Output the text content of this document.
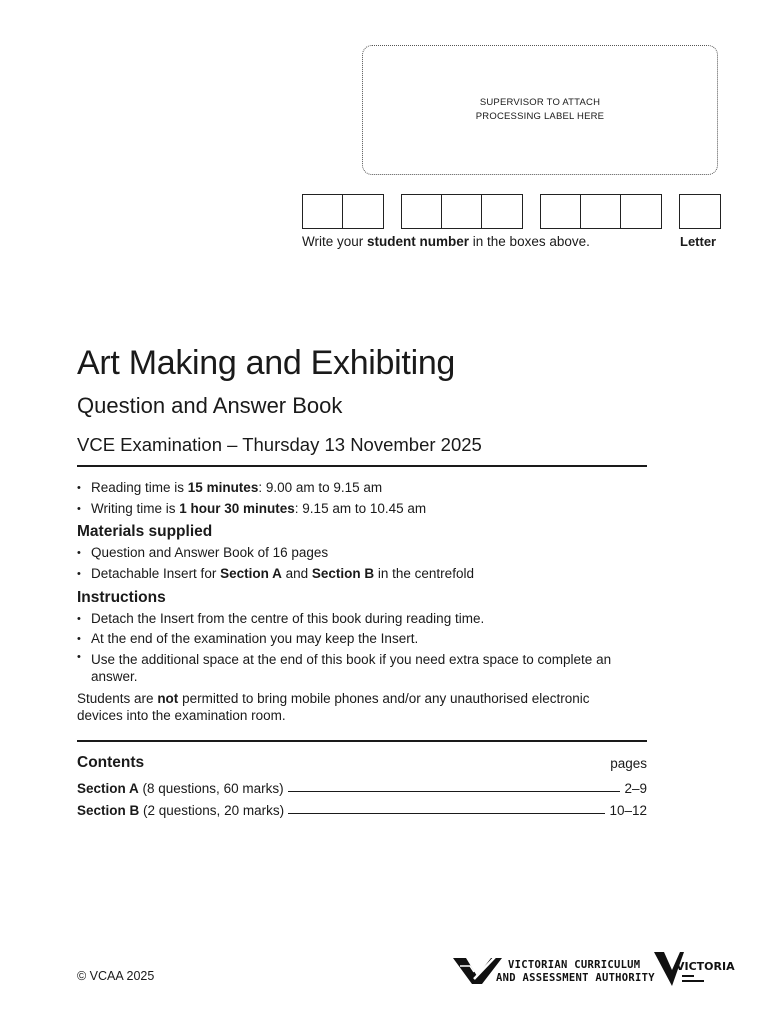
SUPERVISOR TO ATTACH
PROCESSING LABEL HERE
Write your student number in the boxes above.	Letter
Art Making and Exhibiting
Question and Answer Book
VCE Examination – Thursday 13 November 2025
• Reading time is 15 minutes: 9.00 am to 9.15 am
• Writing time is 1 hour 30 minutes: 9.15 am to 10.45 am

Materials supplied

• Question and Answer Book of 16 pages
• Detachable Insert for Section A and Section B in the centrefold

Instructions

• Detach the Insert from the centre of this book during reading time.
• At the end of the examination you may keep the Insert.
• Use the additional space at the end of this book if you need extra space to complete an answer.
Students are not permitted to bring mobile phones and/or any unauthorised electronic devices into the examination room.
Contents	pages
Section A (8 questions, 60 marks)	2–9
Section B (2 questions, 20 marks)	10–12
© VCAA 2025
VICTORIAN CURRICULUM
AND ASSESSMENT AUTHORITY
VICTORIA
